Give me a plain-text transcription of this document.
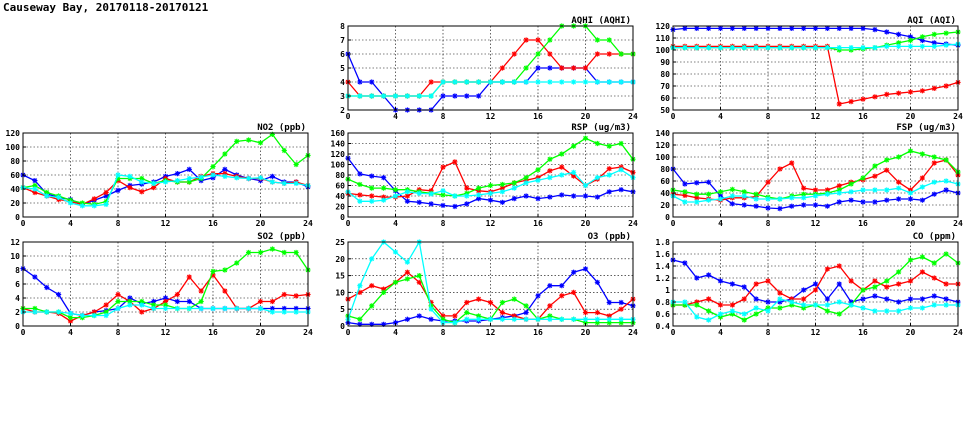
Causeway Bay, 20170118-20170121
0	4	8	12	16	20	24
2
3
4
5
6
7
8
AQHI (AQHI)
0	4	8	12	16	20	24
50
60
70
80
90
100
110
120
AQI (AQI)
0	4	8	12	16	20	24
0
20
40
60
80
100
120
NO2 (ppb)
0	4	8	12	16	20	24
0
20
40
60
80
100
120
140
160
RSP (ug/m3)
0	4	8	12	16	20	24
0
20
40
60
80
100
120
140
FSP (ug/m3)
0	4	8	12	16	20	24
0
2
4
6
8
10
12
SO2 (ppb)
0	4	8	12	16	20	24
0
5
10
15
20
25
O3 (ppb)
0	4	8	12	16	20	24
0.4
0.6
0.8
1
1.2
1.4
1.6
1.8
CO (ppm)
